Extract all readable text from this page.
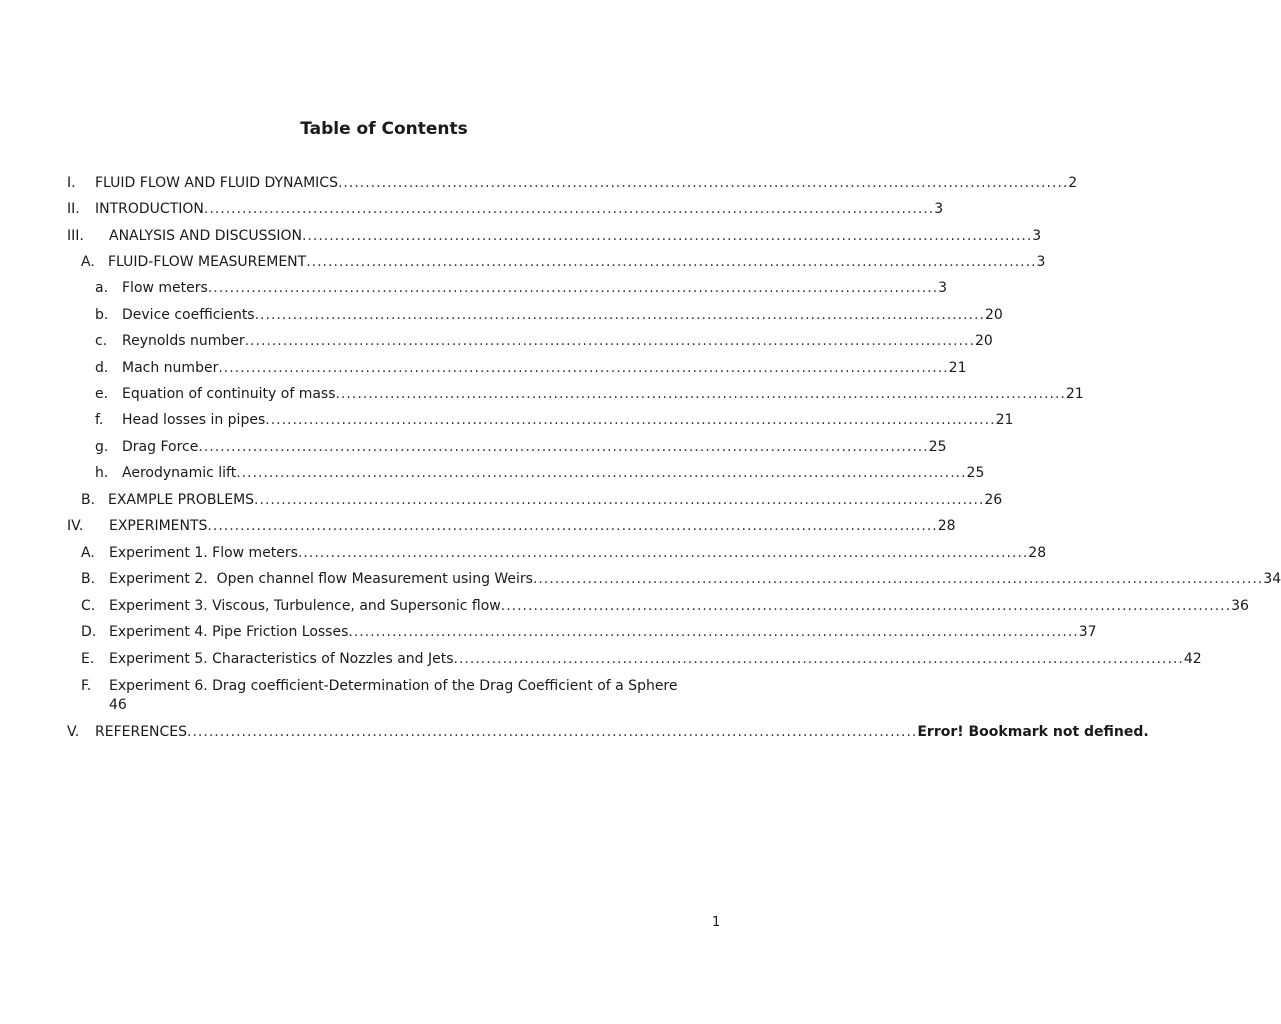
Table of Contents
I. FLUID FLOW AND FLUID DYNAMICS ...................................................................................................................................... 2
II. INTRODUCTION ...................................................................................................................................... 3
III. ANALYSIS AND DISCUSSION ...................................................................................................................................... 3
A. FLUID-FLOW MEASUREMENT ...................................................................................................................................... 3
a. Flow meters ...................................................................................................................................... 3
b. Device coefficients ...................................................................................................................................... 20
c. Reynolds number ...................................................................................................................................... 20
d. Mach number ...................................................................................................................................... 21
e. Equation of continuity of mass ...................................................................................................................................... 21
f. Head losses in pipes ...................................................................................................................................... 21
g. Drag Force ...................................................................................................................................... 25
h. Aerodynamic lift ...................................................................................................................................... 25
B. EXAMPLE PROBLEMS ...................................................................................................................................... 26
IV. EXPERIMENTS ...................................................................................................................................... 28
A. Experiment 1. Flow meters ...................................................................................................................................... 28
B. Experiment 2.  Open channel flow Measurement using Weirs ...................................................................................................................................... 34
C. Experiment 3. Viscous, Turbulence, and Supersonic flow ...................................................................................................................................... 36
D. Experiment 4. Pipe Friction Losses ...................................................................................................................................... 37
E. Experiment 5. Characteristics of Nozzles and Jets ...................................................................................................................................... 42
F. Experiment 6. Drag coefficient-Determination of the Drag Coefficient of a Sphere
46
V. REFERENCES ...................................................................................................................................... Error! Bookmark not defined.
1
